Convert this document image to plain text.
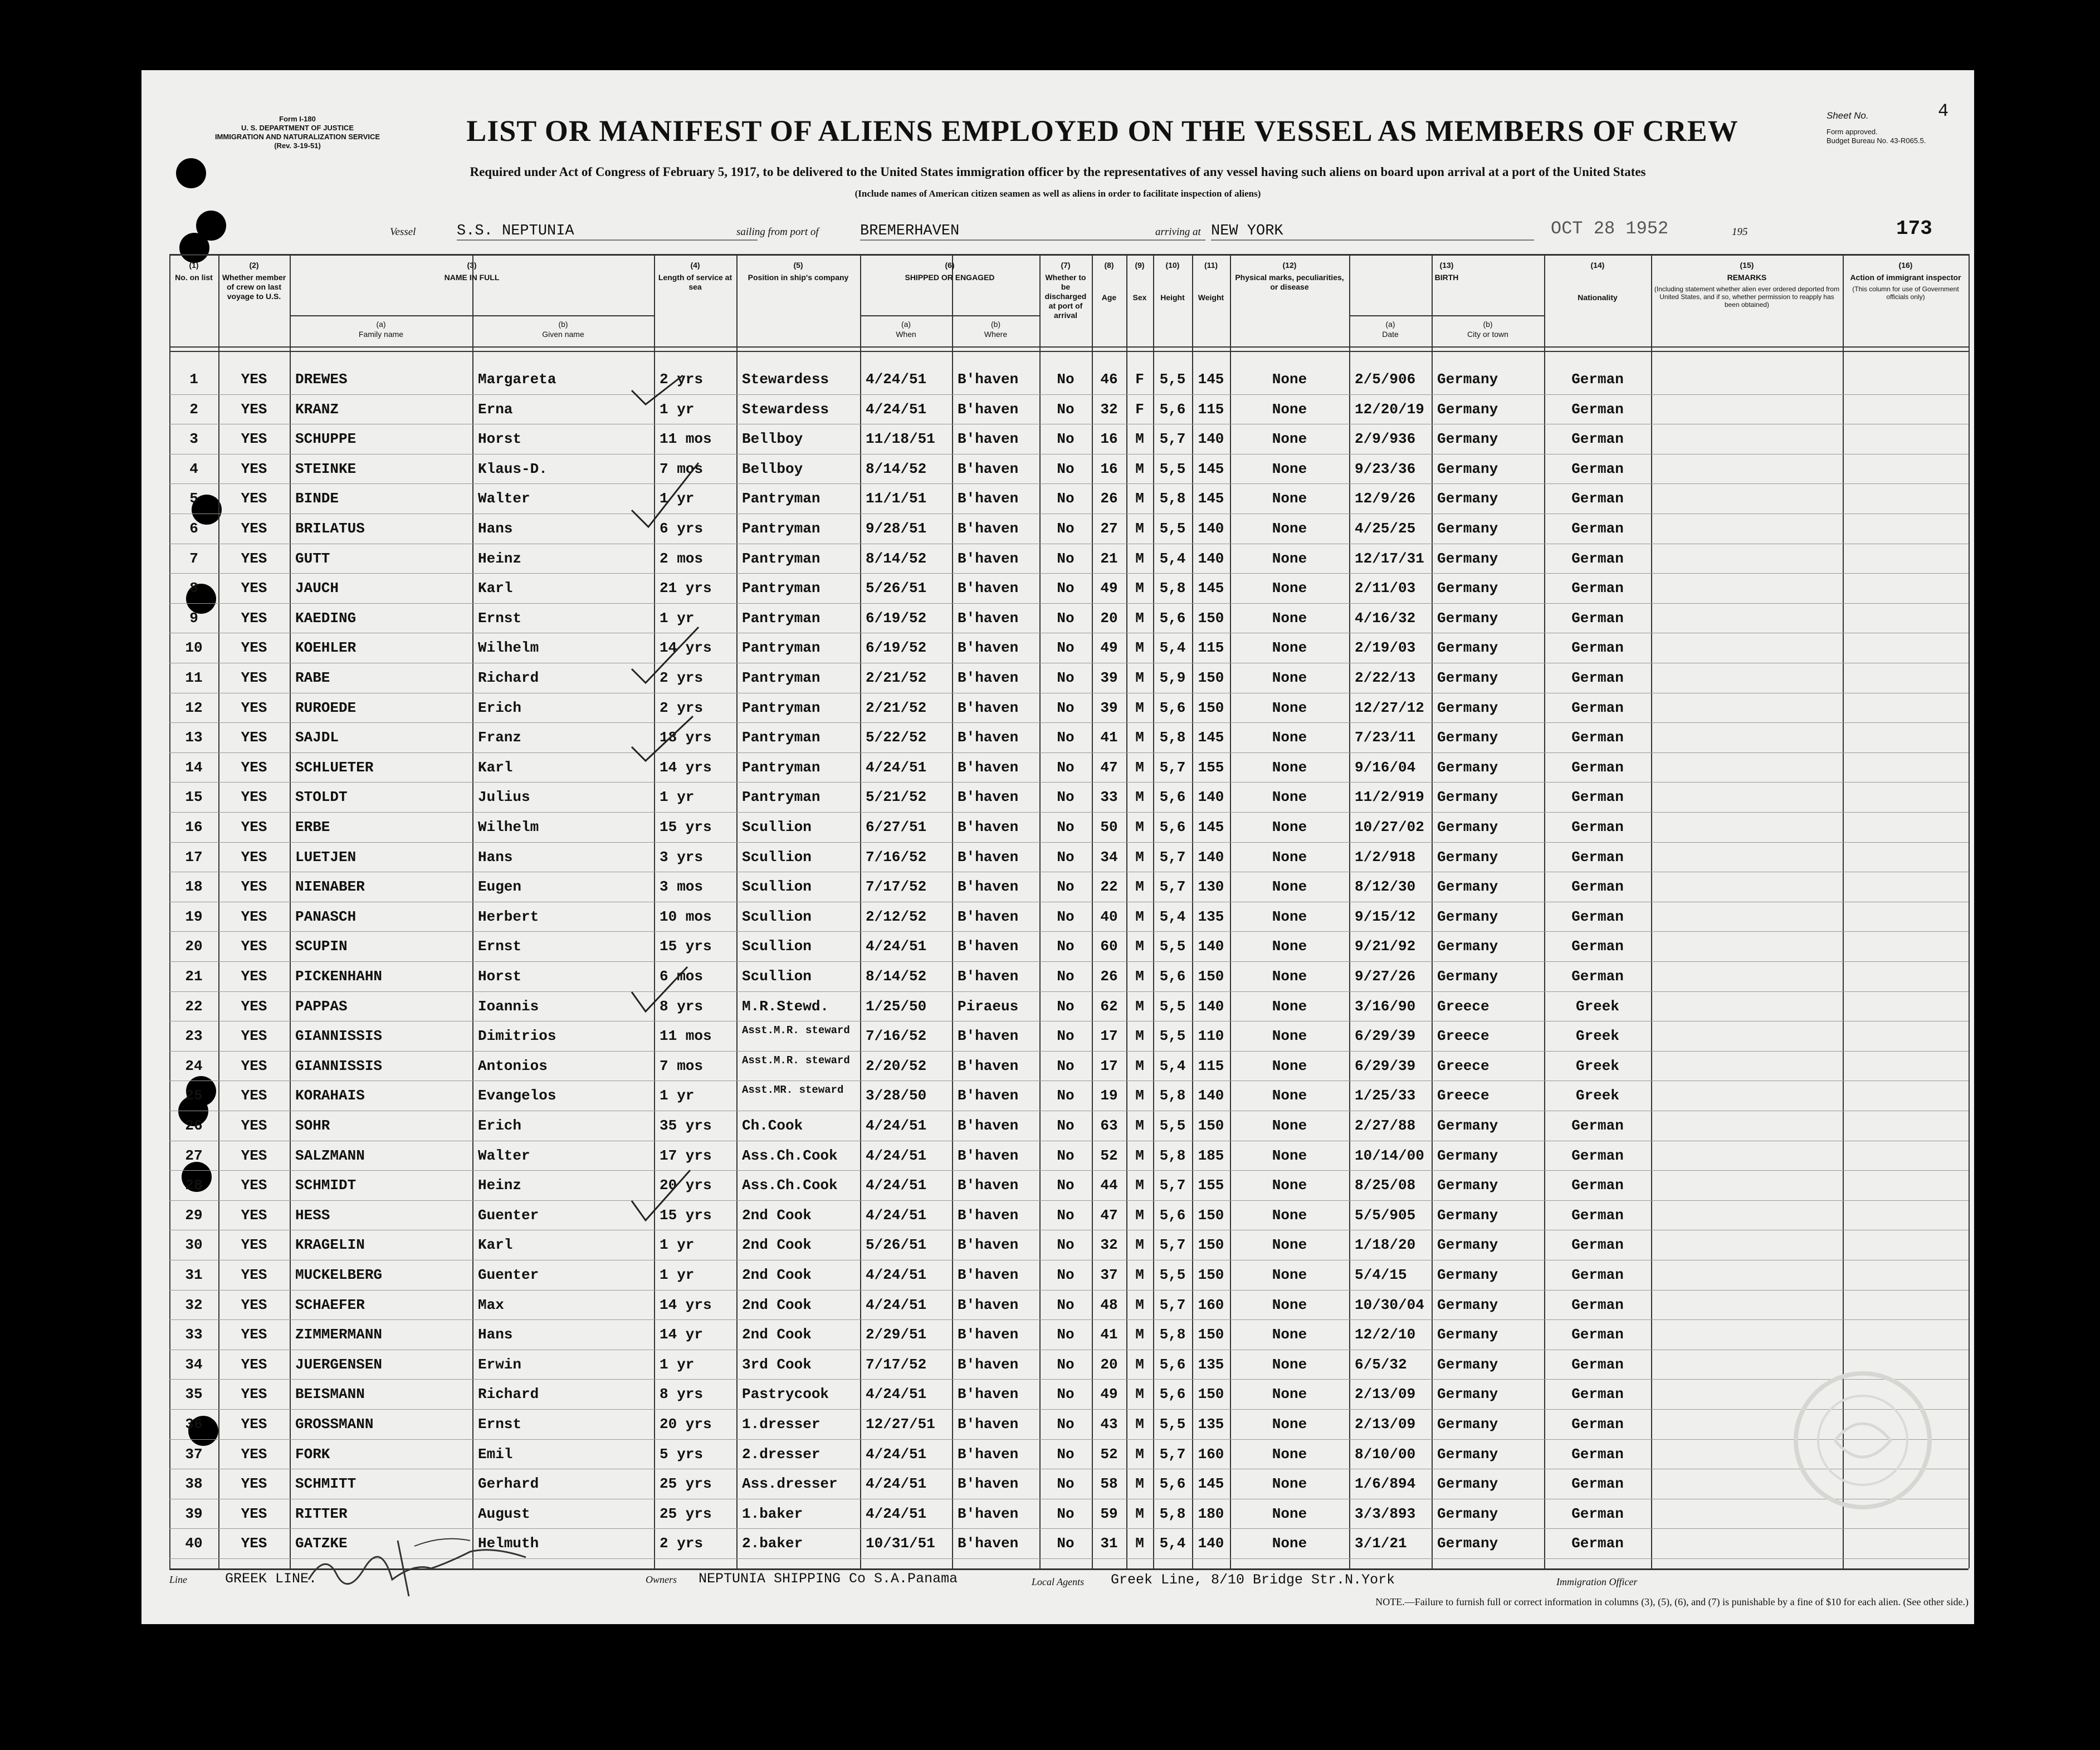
Form I-180
U. S. DEPARTMENT OF JUSTICE
IMMIGRATION AND NATURALIZATION SERVICE
(Rev. 3-19-51)	LIST OR MANIFEST OF ALIENS EMPLOYED ON THE VESSEL AS MEMBERS OF CREW	Sheet No.	4
Form approved.
Budget Bureau No. 43-R065.5.
Required under Act of Congress of February 5, 1917, to be delivered to the United States immigration officer by the representatives of any vessel having such aliens on board upon arrival at a port of the United States
(Include names of American citizen seamen as well as aliens in order to facilitate inspection of aliens)
Vessel	S.S. NEPTUNIA	sailing from port of	BREMERHAVEN	arriving at NEW YORK	OCT 28 1952	195	173
(1)
No. on list
(2)
Whether member of crew on last voyage to U.S.
(3)
NAME IN FULL
(4)
Length of service at sea
(5)
Position in ship's company
(6)
SHIPPED OR ENGAGED
(7)
Whether to be discharged at port of arrival
(8)
Age
(9)
Sex
(10)
Height
(11)
Weight
(12)
Physical marks, peculiarities, or disease
(13)
BIRTH
(14)
Nationality
(15)
REMARKS
(Including statement whether alien ever ordered deported from United States, and if so, whether permission to reapply has been obtained)
(16)
Action of immigrant inspector
(This column for use of Government officials only)
(a)
Family name
(b)
Given name
(a)
When
(b)
Where
(a)
Date
(b)
City or town
1	YES	DREWES	Margareta	2 yrs	Stewardess	4/24/51	B'haven	No	46	F	5,5 145	None	2/5/906	Germany	German
2	YES	KRANZ	Erna	1 yr	Stewardess	4/24/51	B'haven	No	32	F	5,6 115	None	12/20/19 Germany	German
3	YES	SCHUPPE	Horst	11 mos	Bellboy	11/18/51	B'haven	No	16	M	5,7 140	None	2/9/936	Germany	German
4	YES	STEINKE	Klaus-D.	7 mos	Bellboy	8/14/52	B'haven	No	16	M	5,5 145	None	9/23/36	Germany	German
5	YES	BINDE	Walter	1 yr	Pantryman	11/1/51	B'haven	No	26	M	5,8 145	None	12/9/26	Germany	German
6	YES	BRILATUS	Hans	6 yrs	Pantryman	9/28/51	B'haven	No	27	M	5,5 140	None	4/25/25	Germany	German
7	YES	GUTT	Heinz	2 mos	Pantryman	8/14/52	B'haven	No	21	M	5,4 140	None	12/17/31 Germany	German
8	YES	JAUCH	Karl	21 yrs	Pantryman	5/26/51	B'haven	No	49	M	5,8 145	None	2/11/03	Germany	German
9	YES	KAEDING	Ernst	1 yr	Pantryman	6/19/52	B'haven	No	20	M	5,6 150	None	4/16/32	Germany	German
10	YES	KOEHLER	Wilhelm	14 yrs	Pantryman	6/19/52	B'haven	No	49	M	5,4 115	None	2/19/03	Germany	German
11	YES	RABE	Richard	2 yrs	Pantryman	2/21/52	B'haven	No	39	M	5,9 150	None	2/22/13	Germany	German
12	YES	RUROEDE	Erich	2 yrs	Pantryman	2/21/52	B'haven	No	39	M	5,6 150	None	12/27/12 Germany	German
13	YES	SAJDL	Franz	18 yrs	Pantryman	5/22/52	B'haven	No	41	M	5,8 145	None	7/23/11	Germany	German
14	YES	SCHLUETER	Karl	14 yrs	Pantryman	4/24/51	B'haven	No	47	M	5,7 155	None	9/16/04	Germany	German
15	YES	STOLDT	Julius	1 yr	Pantryman	5/21/52	B'haven	No	33	M	5,6 140	None	11/2/919 Germany	German
16	YES	ERBE	Wilhelm	15 yrs	Scullion	6/27/51	B'haven	No	50	M	5,6 145	None	10/27/02 Germany	German
17	YES	LUETJEN	Hans	3 yrs	Scullion	7/16/52	B'haven	No	34	M	5,7 140	None	1/2/918	Germany	German
18	YES	NIENABER	Eugen	3 mos	Scullion	7/17/52	B'haven	No	22	M	5,7 130	None	8/12/30	Germany	German
19	YES	PANASCH	Herbert	10 mos	Scullion	2/12/52	B'haven	No	40	M	5,4 135	None	9/15/12	Germany	German
20	YES	SCUPIN	Ernst	15 yrs	Scullion	4/24/51	B'haven	No	60	M	5,5 140	None	9/21/92	Germany	German
21	YES	PICKENHAHN	Horst	6 mos	Scullion	8/14/52	B'haven	No	26	M	5,6 150	None	9/27/26	Germany	German
22	YES	PAPPAS	Ioannis	8 yrs	M.R.Stewd.	1/25/50	Piraeus	No	62	M	5,5 140	None	3/16/90	Greece	Greek
23	YES	GIANNISSIS	Dimitrios	11 mos	Asst.M.R. steward	7/16/52	B'haven	No	17	M	5,5 110	None	6/29/39	Greece	Greek
24	YES	GIANNISSIS	Antonios	7 mos	Asst.M.R. steward	2/20/52	B'haven	No	17	M	5,4 115	None	6/29/39	Greece	Greek
25	YES	KORAHAIS	Evangelos	1 yr	Asst.MR. steward	3/28/50	B'haven	No	19	M	5,8 140	None	1/25/33	Greece	Greek
26	YES	SOHR	Erich	35 yrs	Ch.Cook	4/24/51	B'haven	No	63	M	5,5 150	None	2/27/88	Germany	German
27	YES	SALZMANN	Walter	17 yrs	Ass.Ch.Cook	4/24/51	B'haven	No	52	M	5,8 185	None	10/14/00 Germany	German
28	YES	SCHMIDT	Heinz	20 yrs	Ass.Ch.Cook	4/24/51	B'haven	No	44	M	5,7 155	None	8/25/08	Germany	German
29	YES	HESS	Guenter	15 yrs	2nd Cook	4/24/51	B'haven	No	47	M	5,6 150	None	5/5/905	Germany	German
30	YES	KRAGELIN	Karl	1 yr	2nd Cook	5/26/51	B'haven	No	32	M	5,7 150	None	1/18/20	Germany	German
31	YES	MUCKELBERG	Guenter	1 yr	2nd Cook	4/24/51	B'haven	No	37	M	5,5 150	None	5/4/15	Germany	German
32	YES	SCHAEFER	Max	14 yrs	2nd Cook	4/24/51	B'haven	No	48	M	5,7 160	None	10/30/04 Germany	German
33	YES	ZIMMERMANN	Hans	14 yr	2nd Cook	2/29/51	B'haven	No	41	M	5,8 150	None	12/2/10	Germany	German
34	YES	JUERGENSEN	Erwin	1 yr	3rd Cook	7/17/52	B'haven	No	20	M	5,6 135	None	6/5/32	Germany	German
35	YES	BEISMANN	Richard	8 yrs	Pastrycook	4/24/51	B'haven	No	49	M	5,6 150	None	2/13/09	Germany	German
36	YES	GROSSMANN	Ernst	20 yrs	1.dresser	12/27/51	B'haven	No	43	M	5,5 135	None	2/13/09	Germany	German
37	YES	FORK	Emil	5 yrs	2.dresser	4/24/51	B'haven	No	52	M	5,7 160	None	8/10/00	Germany	German
38	YES	SCHMITT	Gerhard	25 yrs	Ass.dresser	4/24/51	B'haven	No	58	M	5,6 145	None	1/6/894	Germany	German
39	YES	RITTER	August	25 yrs	1.baker	4/24/51	B'haven	No	59	M	5,8 180	None	3/3/893	Germany	German
40	YES	GATZKE	Helmuth	2 yrs	2.baker	10/31/51	B'haven	No	31	M	5,4 140	None	3/1/21	Germany	German
Line	GREEK LINE.	Owners NEPTUNIA SHIPPING Co S.A.Panama	Local Agents Greek Line, 8/10 Bridge Str.N.York	Immigration Officer
NOTE.—Failure to furnish full or correct information in columns (3), (5), (6), and (7) is punishable by a fine of $10 for each alien. (See other side.)
